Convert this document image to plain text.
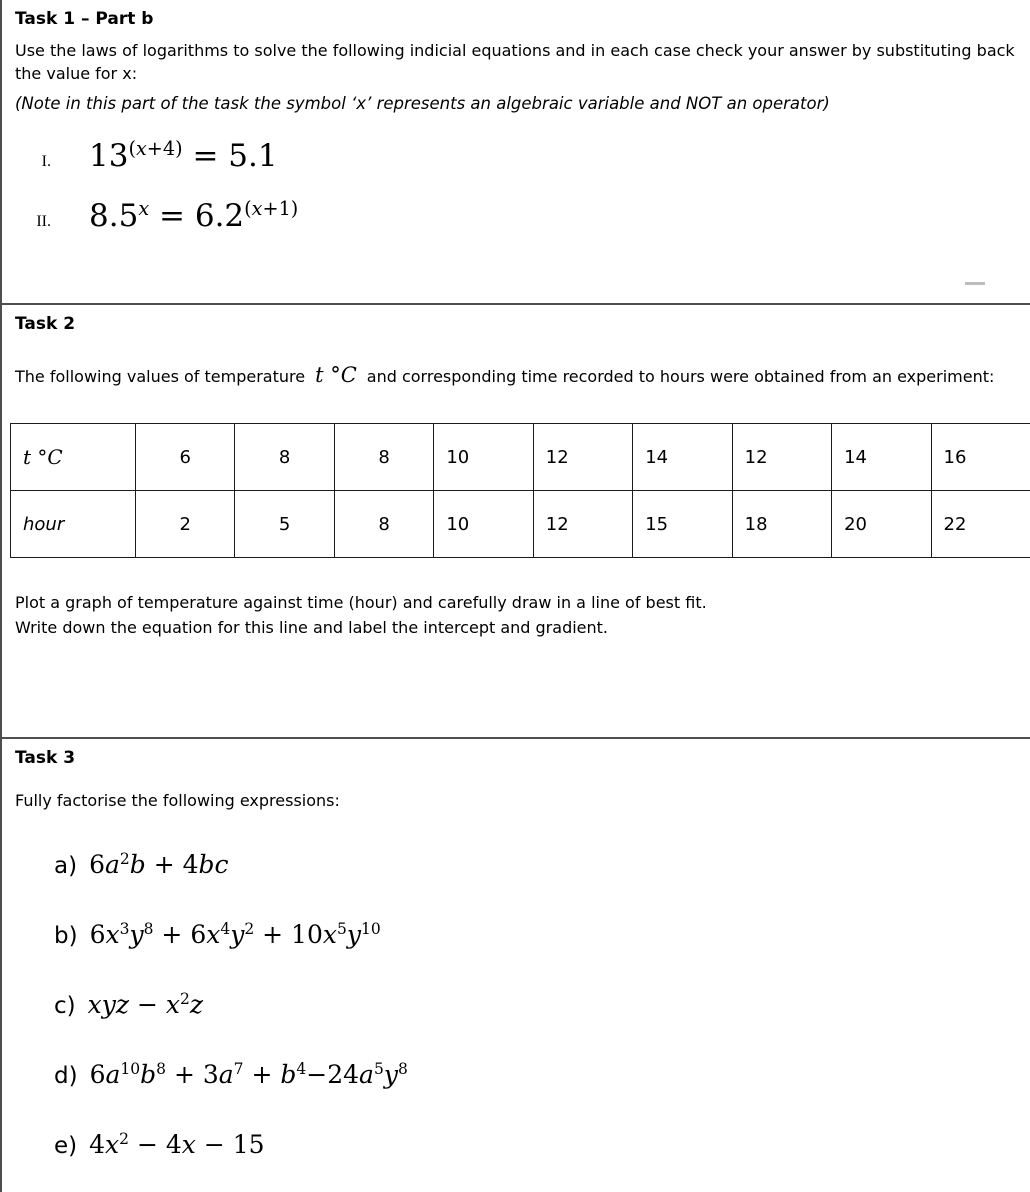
Task 1 – Part b

Use the laws of logarithms to solve the following indicial equations and in each case check your answer by substituting back the value for x:

(Note in this part of the task the symbol ‘x’ represents an algebraic variable and NOT an operator)

I. $13^{(x+4)} = 5.1$
II. $8.5^x = 6.2^{(x+1)}$
Task 2

The following values of temperature t °C and corresponding time recorded to hours were obtained from an experiment:

t °C	6	8	8	10	12	14	12	14	16
hour	2	5	8	10	12	15	18	20	22

Plot a graph of temperature against time (hour) and carefully draw in a line of best fit.
Write down the equation for this line and label the intercept and gradient.

Task 3

Fully factorise the following expressions:

a) $6a^2b + 4bc$
b) $6x^3y^8 + 6x^4y^2 + 10x^5y^{10}$
c) xyz − $x^2z$
d) $6a^{10}b^8 + 3a^7 + b^4-24a^5y^8$
e) $4x^2 - 4x - 15$
